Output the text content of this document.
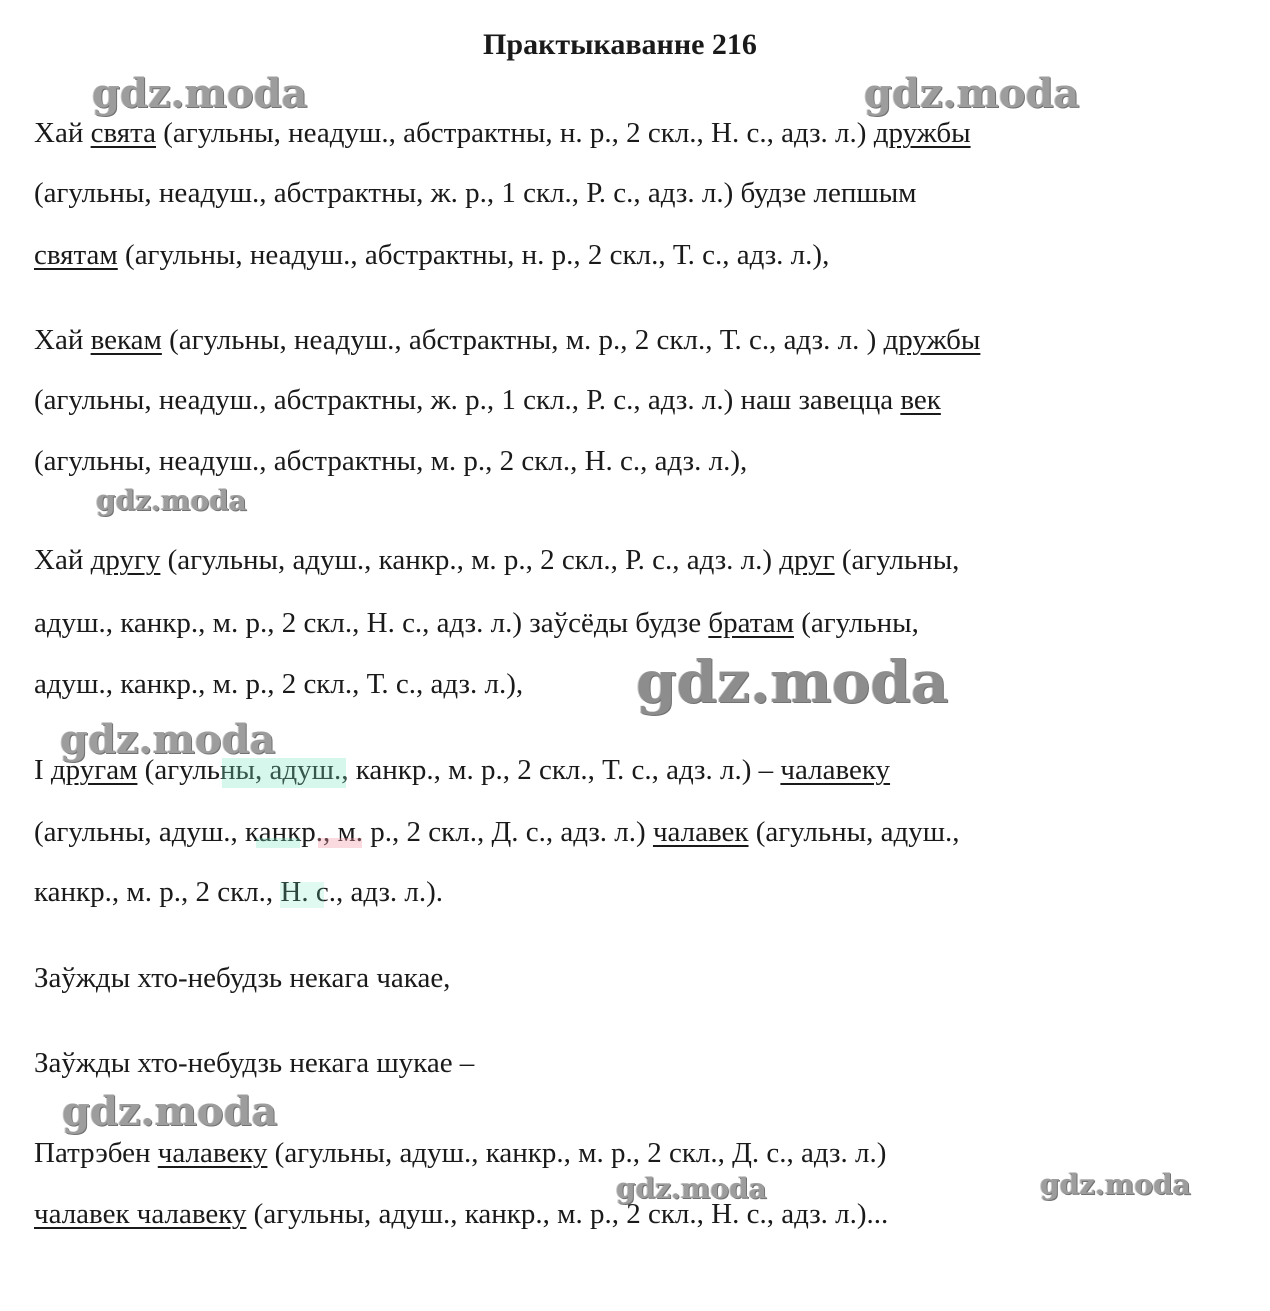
Практыкаванне 216
Хай свята (агульны, неадуш., абстрактны, н. р., 2 скл., Н. с., адз. л.) дружбы
(агульны, неадуш., абстрактны, ж. р., 1 скл., Р. с., адз. л.) будзе лепшым
святам (агульны, неадуш., абстрактны, н. р., 2 скл., Т. с., адз. л.),
Хай векам (агульны, неадуш., абстрактны, м. р., 2 скл., Т. с., адз. л. ) дружбы
(агульны, неадуш., абстрактны, ж. р., 1 скл., Р. с., адз. л.) наш завецца век
(агульны, неадуш., абстрактны, м. р., 2 скл., Н. с., адз. л.),
Хай другу (агульны, адуш., канкр., м. р., 2 скл., Р. с., адз. л.) друг (агульны,
адуш., канкр., м. р., 2 скл., Н. с., адз. л.) заўсёды будзе братам (агульны,
адуш., канкр., м. р., 2 скл., Т. с., адз. л.),
І другам (агульны, адуш., канкр., м. р., 2 скл., Т. с., адз. л.) – чалавеку
(агульны, адуш., канкр., м. р., 2 скл., Д. с., адз. л.) чалавек (агульны, адуш.,
канкр., м. р., 2 скл., Н. с., адз. л.).
Заўжды хто-небудзь некага чакае,
Заўжды хто-небудзь некага шукае –
Патрэбен чалавеку (агульны, адуш., канкр., м. р., 2 скл., Д. с., адз. л.)
чалавек чалавеку (агульны, адуш., канкр., м. р., 2 скл., Н. с., адз. л.)...
gdz.moda	gdz.moda
gdz.moda
gdz.moda
gdz.moda
gdz.moda
gdz.moda	gdz.moda
